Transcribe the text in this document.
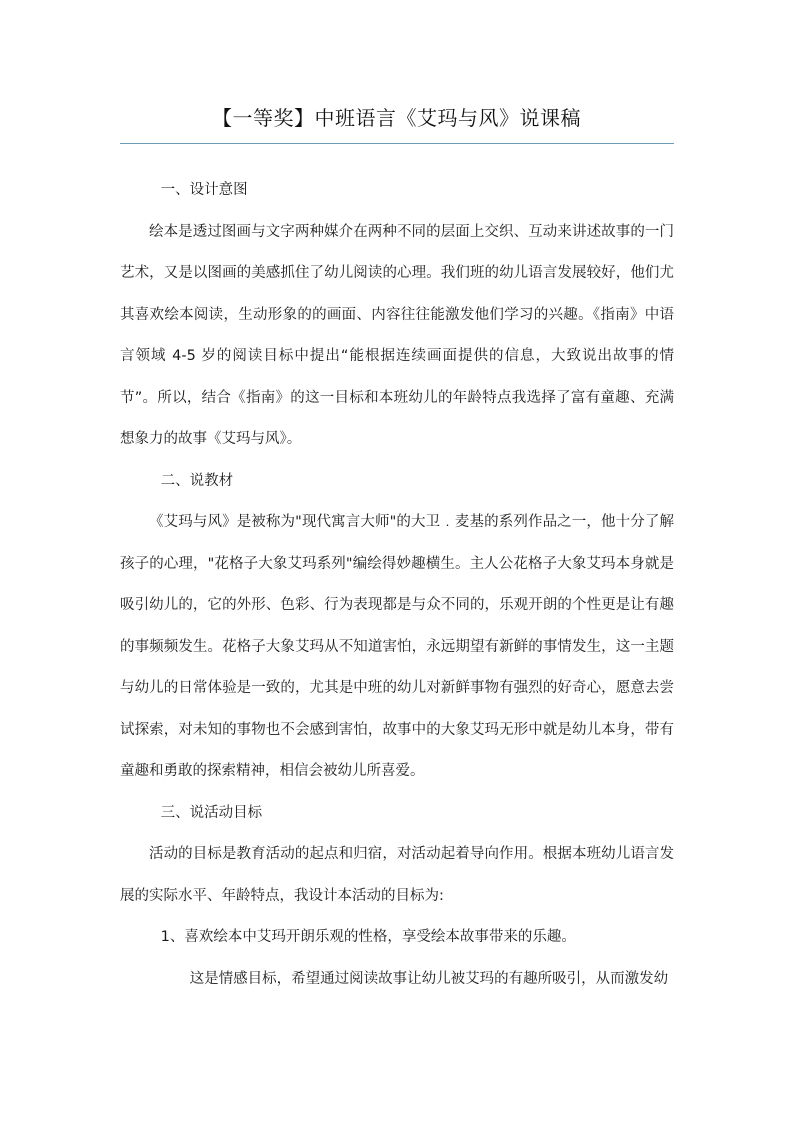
【一等奖】中班语言《艾玛与风》说课稿

一、设计意图

绘本是透过图画与文字两种媒介在两种不同的层面上交织、互动来讲述故事的一门艺术，又是以图画的美感抓住了幼儿阅读的心理。我们班的幼儿语言发展较好，他们尤其喜欢绘本阅读，生动形象的的画面、内容往往能激发他们学习的兴趣。《指南》中语言领域 4-5 岁的阅读目标中提出“能根据连续画面提供的信息，大致说出故事的情节”。所以，结合《指南》的这一目标和本班幼儿的年龄特点我选择了富有童趣、充满想象力的故事《艾玛与风》。

二、说教材

《艾玛与风》是被称为"现代寓言大师"的大卫﹒麦基的系列作品之一，他十分了解孩子的心理，"花格子大象艾玛系列"编绘得妙趣横生。主人公花格子大象艾玛本身就是吸引幼儿的，它的外形、色彩、行为表现都是与众不同的，乐观开朗的个性更是让有趣的事频频发生。花格子大象艾玛从不知道害怕，永远期望有新鲜的事情发生，这一主题与幼儿的日常体验是一致的，尤其是中班的幼儿对新鲜事物有强烈的好奇心，愿意去尝试探索，对未知的事物也不会感到害怕，故事中的大象艾玛无形中就是幼儿本身，带有童趣和勇敢的探索精神，相信会被幼儿所喜爱。

三、说活动目标

活动的目标是教育活动的起点和归宿，对活动起着导向作用。根据本班幼儿语言发展的实际水平、年龄特点，我设计本活动的目标为:

1、喜欢绘本中艾玛开朗乐观的性格，享受绘本故事带来的乐趣。

这是情感目标，希望通过阅读故事让幼儿被艾玛的有趣所吸引，从而激发幼
